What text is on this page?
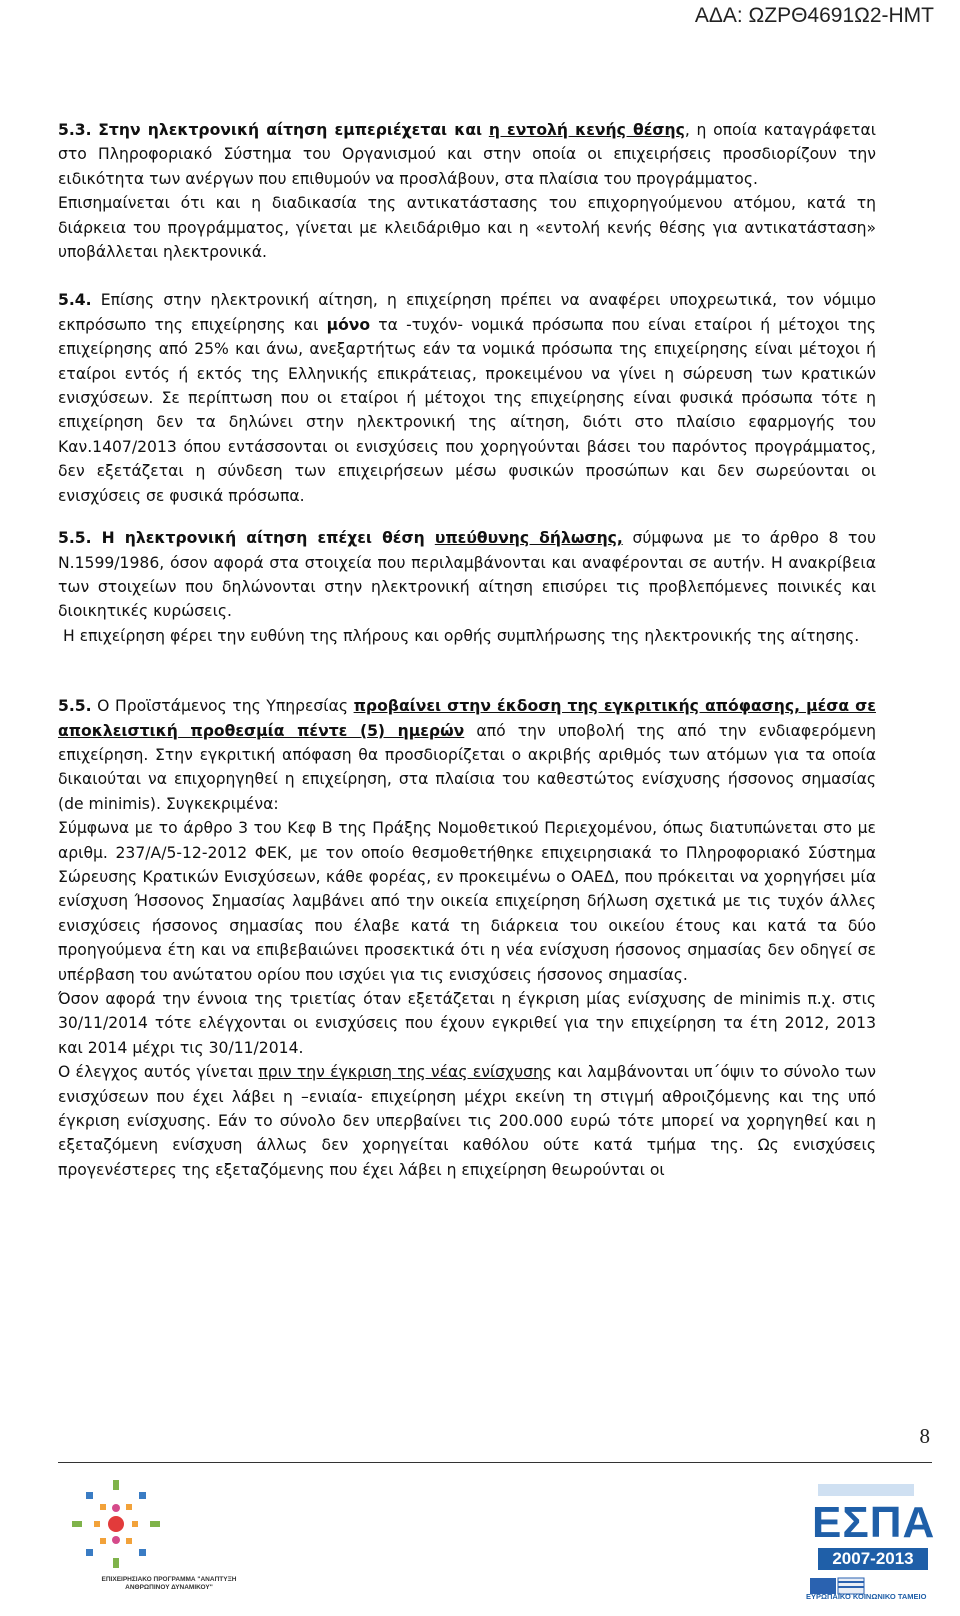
ΑΔΑ: ΩΖΡΘ4691Ω2-ΗΜΤ

5.3. Στην ηλεκτρονική αίτηση εμπεριέχεται και η εντολή κενής θέσης, η οποία καταγράφεται στο Πληροφοριακό Σύστημα του Οργανισμού και στην οποία οι επιχειρήσεις προσδιορίζουν την ειδικότητα των ανέργων που επιθυμούν να προσλάβουν, στα πλαίσια του προγράμματος.

Επισημαίνεται ότι και η διαδικασία της αντικατάστασης του επιχορηγούμενου ατόμου, κατά τη διάρκεια του προγράμματος, γίνεται με κλειδάριθμο και η «εντολή κενής θέσης για αντικατάσταση» υποβάλλεται ηλεκτρονικά.

5.4. Επίσης στην ηλεκτρονική αίτηση, η επιχείρηση πρέπει να αναφέρει υποχρεωτικά, τον νόμιμο εκπρόσωπο της επιχείρησης και μόνο τα -τυχόν- νομικά πρόσωπα που είναι εταίροι ή μέτοχοι της επιχείρησης από 25% και άνω, ανεξαρτήτως εάν τα νομικά πρόσωπα της επιχείρησης είναι μέτοχοι ή εταίροι εντός ή εκτός της Ελληνικής επικράτειας, προκειμένου να γίνει η σώρευση των κρατικών ενισχύσεων. Σε περίπτωση που οι εταίροι ή μέτοχοι της επιχείρησης είναι φυσικά πρόσωπα τότε η επιχείρηση δεν τα δηλώνει στην ηλεκτρονική της αίτηση, διότι στο πλαίσιο εφαρμογής του Καν.1407/2013 όπου εντάσσονται οι ενισχύσεις που χορηγούνται βάσει του παρόντος προγράμματος, δεν εξετάζεται η σύνδεση των επιχειρήσεων μέσω φυσικών προσώπων και δεν σωρεύονται οι ενισχύσεις σε φυσικά πρόσωπα.

5.5. Η ηλεκτρονική αίτηση επέχει θέση υπεύθυνης δήλωσης, σύμφωνα με το άρθρο 8 του Ν.1599/1986, όσον αφορά στα στοιχεία που περιλαμβάνονται και αναφέρονται σε αυτήν. Η ανακρίβεια των στοιχείων που δηλώνονται στην ηλεκτρονική αίτηση επισύρει τις προβλεπόμενες ποινικές και διοικητικές κυρώσεις.

Η επιχείρηση φέρει την ευθύνη της πλήρους και ορθής συμπλήρωσης της ηλεκτρονικής της αίτησης.

5.5. Ο Προϊστάμενος της Υπηρεσίας προβαίνει στην έκδοση της εγκριτικής απόφασης, μέσα σε αποκλειστική προθεσμία πέντε (5) ημερών από την υποβολή της από την ενδιαφερόμενη επιχείρηση. Στην εγκριτική απόφαση θα προσδιορίζεται ο ακριβής αριθμός των ατόμων για τα οποία δικαιούται να επιχορηγηθεί η επιχείρηση, στα πλαίσια του καθεστώτος ενίσχυσης ήσσονος σημασίας (de minimis). Συγκεκριμένα:

Σύμφωνα με το άρθρο 3 του Κεφ Β της Πράξης Νομοθετικού Περιεχομένου, όπως διατυπώνεται στο με αριθμ. 237/Α/5-12-2012 ΦΕΚ, με τον οποίο θεσμοθετήθηκε επιχειρησιακά το Πληροφοριακό Σύστημα Σώρευσης Κρατικών Ενισχύσεων, κάθε φορέας, εν προκειμένω ο ΟΑΕΔ, που πρόκειται να χορηγήσει μία ενίσχυση Ήσσονος Σημασίας λαμβάνει από την οικεία επιχείρηση δήλωση σχετικά με τις τυχόν άλλες ενισχύσεις ήσσονος σημασίας που έλαβε κατά τη διάρκεια του οικείου έτους και κατά τα δύο προηγούμενα έτη και να επιβεβαιώνει προσεκτικά ότι η νέα ενίσχυση ήσσονος σημασίας δεν οδηγεί σε υπέρβαση του ανώτατου ορίου που ισχύει για τις ενισχύσεις ήσσονος σημασίας.

Όσον αφορά την έννοια της τριετίας όταν εξετάζεται η έγκριση μίας ενίσχυσης de minimis π.χ. στις 30/11/2014 τότε ελέγχονται οι ενισχύσεις που έχουν εγκριθεί για την επιχείρηση τα έτη 2012, 2013 και 2014 μέχρι τις 30/11/2014.

Ο έλεγχος αυτός γίνεται πριν την έγκριση της νέας ενίσχυσης και λαμβάνονται υπ΄όψιν το σύνολο των ενισχύσεων που έχει λάβει η –ενιαία- επιχείρηση μέχρι εκείνη τη στιγμή αθροιζόμενης και της υπό έγκριση ενίσχυσης. Εάν το σύνολο δεν υπερβαίνει τις 200.000 ευρώ τότε μπορεί να χορηγηθεί και η εξεταζόμενη ενίσχυση άλλως δεν χορηγείται καθόλου ούτε κατά τμήμα της. Ως ενισχύσεις προγενέστερες της εξεταζόμενης που έχει λάβει η επιχείρηση θεωρούνται οι

8
ΕΠΙΧΕΙΡΗΣΙΑΚΟ ΠΡΟΓΡΑΜΜΑ "ΑΝΑΠΤΥΞΗ ΑΝΘΡΩΠΙΝΟΥ ΔΥΝΑΜΙΚΟΥ"
ΕΣΠΑ
2007-2013
ΕΥΡΩΠΑΪΚΟ ΚΟΙΝΩΝΙΚΟ ΤΑΜΕΙΟ
